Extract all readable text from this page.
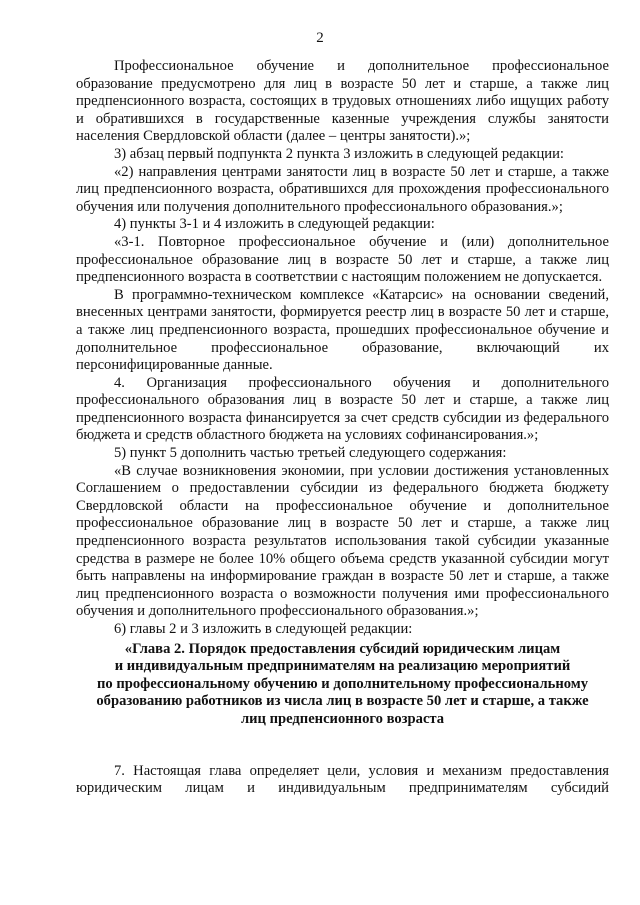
2

Профессиональное обучение и дополнительное профессиональное образование предусмотрено для лиц в возрасте 50 лет и старше, а также лиц предпенсионного возраста, состоящих в трудовых отношениях либо ищущих работу и обратившихся в государственные казенные учреждения службы занятости населения Свердловской области (далее – центры занятости).»;

3) абзац первый подпункта 2 пункта 3 изложить в следующей редакции:

«2) направления центрами занятости лиц в возрасте 50 лет и старше, а также лиц предпенсионного возраста, обратившихся для прохождения профессионального обучения или получения дополнительного профессионального образования.»;

4) пункты 3-1 и 4 изложить в следующей редакции:

«3-1. Повторное профессиональное обучение и (или) дополнительное профессиональное образование лиц в возрасте 50 лет и старше, а также лиц предпенсионного возраста в соответствии с настоящим положением не допускается.

В программно-техническом комплексе «Катарсис» на основании сведений, внесенных центрами занятости, формируется реестр лиц в возрасте 50 лет и старше, а также лиц предпенсионного возраста, прошедших профессиональное обучение и дополнительное профессиональное образование, включающий их персонифицированные данные.

4. Организация профессионального обучения и дополнительного профессионального образования лиц в возрасте 50 лет и старше, а также лиц предпенсионного возраста финансируется за счет средств субсидии из федерального бюджета и средств областного бюджета на условиях софинансирования.»;

5) пункт 5 дополнить частью третьей следующего содержания:

«В случае возникновения экономии, при условии достижения установленных Соглашением о предоставлении субсидии из федерального бюджета бюджету Свердловской области на профессиональное обучение и дополнительное профессиональное образование лиц в возрасте 50 лет и старше, а также лиц предпенсионного возраста результатов использования такой субсидии указанные средства в размере не более 10% общего объема средств указанной субсидии могут быть направлены на информирование граждан в возрасте 50 лет и старше, а также лиц предпенсионного возраста о возможности получения ими профессионального обучения и дополнительного профессионального образования.»;

6) главы 2 и 3 изложить в следующей редакции:

«Глава 2. Порядок предоставления субсидий юридическим лицам
и индивидуальным предпринимателям на реализацию мероприятий
по профессиональному обучению и дополнительному профессиональному
образованию работников из числа лиц в возрасте 50 лет и старше, а также
лиц предпенсионного возраста

7. Настоящая глава определяет цели, условия и механизм предоставления юридическим лицам и индивидуальным предпринимателям субсидий
